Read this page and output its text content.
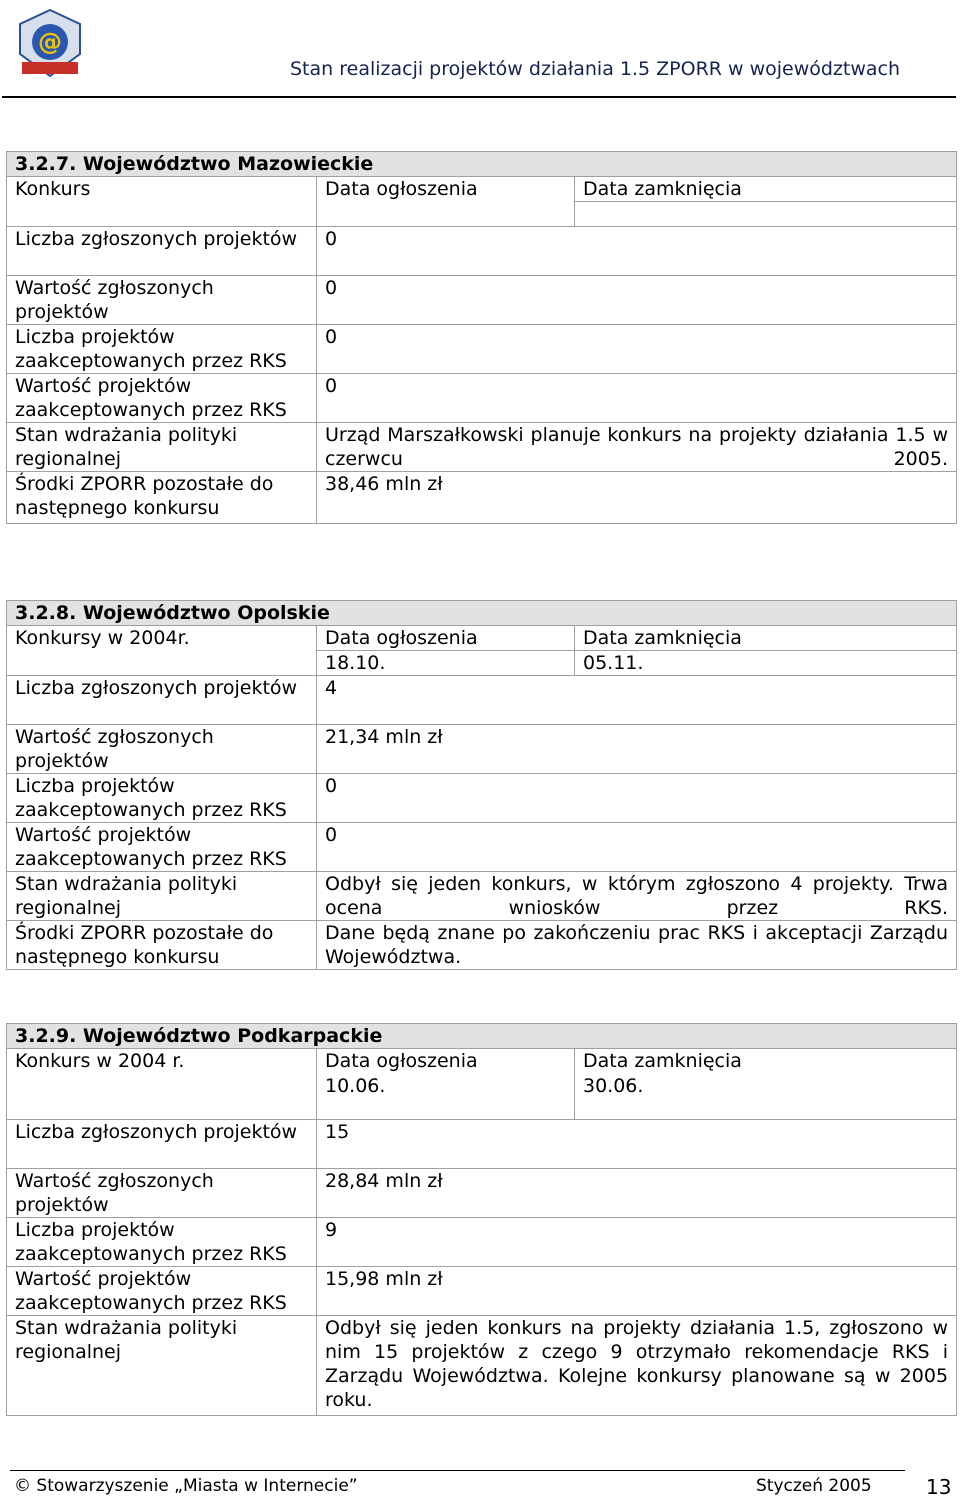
@
Stan realizacji projektów działania 1.5 ZPORR w województwach
3.2.7. Województwo Mazowieckie		
Konkurs	Data ogłoszenia	Data zamknięcia

Liczba zgłoszonych projektów	0	
Wartość zgłoszonych projektów	0	
Liczba projektów zaakceptowanych przez RKS	0	
Wartość projektów zaakceptowanych przez RKS	0	
Stan wdrażania polityki regionalnej	Urząd Marszałkowski planuje konkurs na projekty działania 1.5 w czerwcu 2005.	
Środki ZPORR pozostałe do następnego konkursu	38,46 mln zł	
3.2.8. Województwo Opolskie		
Konkursy w 2004r.	Data ogłoszenia	Data zamknięcia
	18.10.	05.11.
Liczba zgłoszonych projektów	4	
Wartość zgłoszonych projektów	21,34 mln zł	
Liczba projektów zaakceptowanych przez RKS	0	
Wartość projektów zaakceptowanych przez RKS	0	
Stan wdrażania polityki regionalnej	Odbył się jeden konkurs, w którym zgłoszono 4 projekty. Trwa ocena wniosków przez RKS.	
Środki ZPORR pozostałe do następnego konkursu	Dane będą znane po zakończeniu prac RKS i akceptacji Zarządu Województwa.	
3.2.9. Województwo Podkarpackie		
Konkurs w 2004 r.	Data ogłoszenia	Data zamknięcia
	10.06.	30.06.
Liczba zgłoszonych projektów	15	
Wartość zgłoszonych projektów	28,84 mln zł	
Liczba projektów zaakceptowanych przez RKS	9	
Wartość projektów zaakceptowanych przez RKS	15,98 mln zł	
Stan wdrażania polityki regionalnej	Odbył się jeden konkurs na projekty działania 1.5, zgłoszono w nim 15 projektów z czego 9 otrzymało rekomendacje RKS i Zarządu Województwa. Kolejne konkursy planowane są w 2005 roku.	
© Stowarzyszenie „Miasta w Internecie”	Styczeń 2005	13
